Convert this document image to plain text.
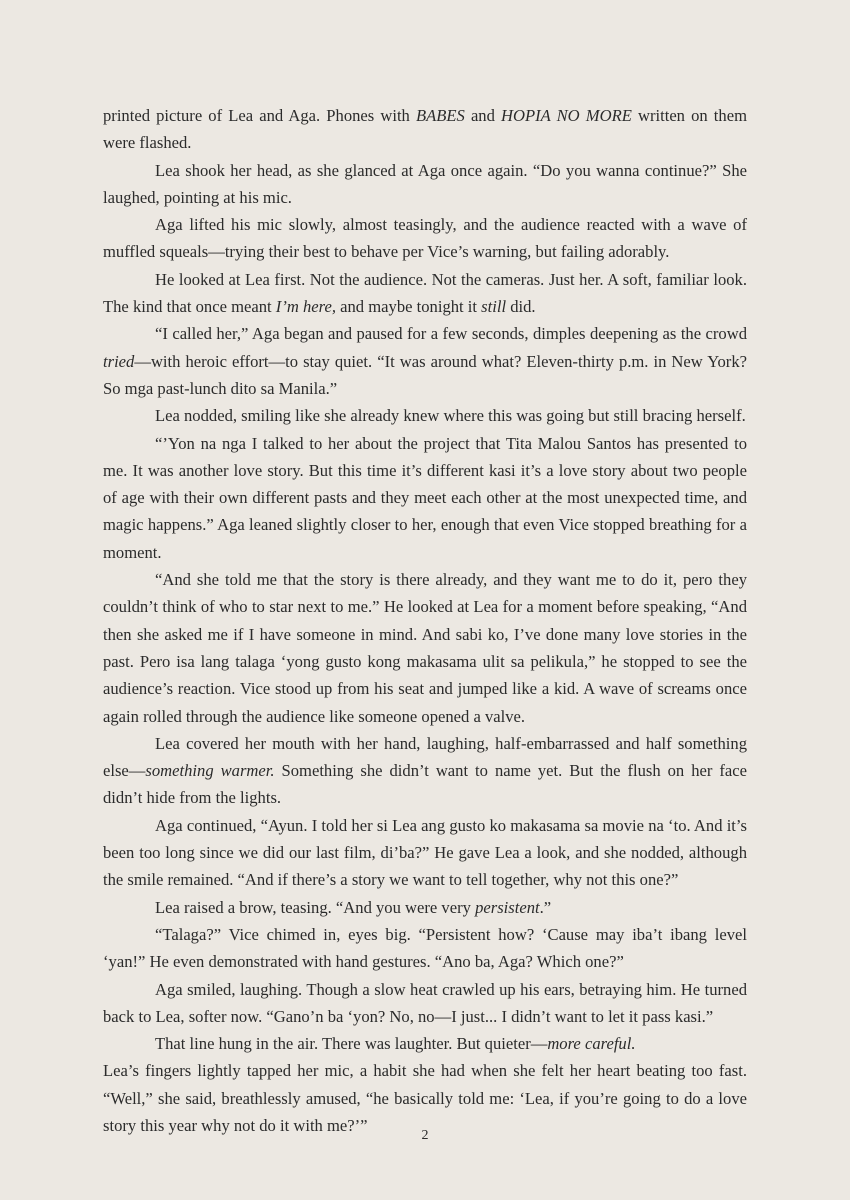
printed picture of Lea and Aga. Phones with BABES and HOPIA NO MORE written on them were flashed.

Lea shook her head, as she glanced at Aga once again. “Do you wanna continue?” She laughed, pointing at his mic.

Aga lifted his mic slowly, almost teasingly, and the audience reacted with a wave of muffled squeals—trying their best to behave per Vice’s warning, but failing adorably.

He looked at Lea first. Not the audience. Not the cameras. Just her. A soft, familiar look. The kind that once meant I’m here, and maybe tonight it still did.

“I called her,” Aga began and paused for a few seconds, dimples deepening as the crowd tried—with heroic effort—to stay quiet. “It was around what? Eleven-thirty p.m. in New York? So mga past-lunch dito sa Manila.”

Lea nodded, smiling like she already knew where this was going but still bracing herself.

“’Yon na nga I talked to her about the project that Tita Malou Santos has presented to me. It was another love story. But this time it’s different kasi it’s a love story about two people of age with their own different pasts and they meet each other at the most unexpected time, and magic happens.” Aga leaned slightly closer to her, enough that even Vice stopped breathing for a moment.

“And she told me that the story is there already, and they want me to do it, pero they couldn’t think of who to star next to me.” He looked at Lea for a moment before speaking, “And then she asked me if I have someone in mind. And sabi ko, I’ve done many love stories in the past. Pero isa lang talaga ‘yong gusto kong makasama ulit sa pelikula,” he stopped to see the audience’s reaction. Vice stood up from his seat and jumped like a kid. A wave of screams once again rolled through the audience like someone opened a valve.

Lea covered her mouth with her hand, laughing, half-embarrassed and half something else—something warmer. Something she didn’t want to name yet. But the flush on her face didn’t hide from the lights.

Aga continued, “Ayun. I told her si Lea ang gusto ko makasama sa movie na ‘to. And it’s been too long since we did our last film, di’ba?” He gave Lea a look, and she nodded, although the smile remained. “And if there’s a story we want to tell together, why not this one?”

Lea raised a brow, teasing. “And you were very persistent.”

“Talaga?” Vice chimed in, eyes big. “Persistent how? ‘Cause may iba’t ibang level ‘yan!” He even demonstrated with hand gestures. “Ano ba, Aga? Which one?”

Aga smiled, laughing. Though a slow heat crawled up his ears, betraying him. He turned back to Lea, softer now. “Gano’n ba ‘yon? No, no—I just... I didn’t want to let it pass kasi.”

That line hung in the air. There was laughter. But quieter—more careful.

Lea’s fingers lightly tapped her mic, a habit she had when she felt her heart beating too fast. “Well,” she said, breathlessly amused, “he basically told me: ‘Lea, if you’re going to do a love story this year why not do it with me?’”

2
